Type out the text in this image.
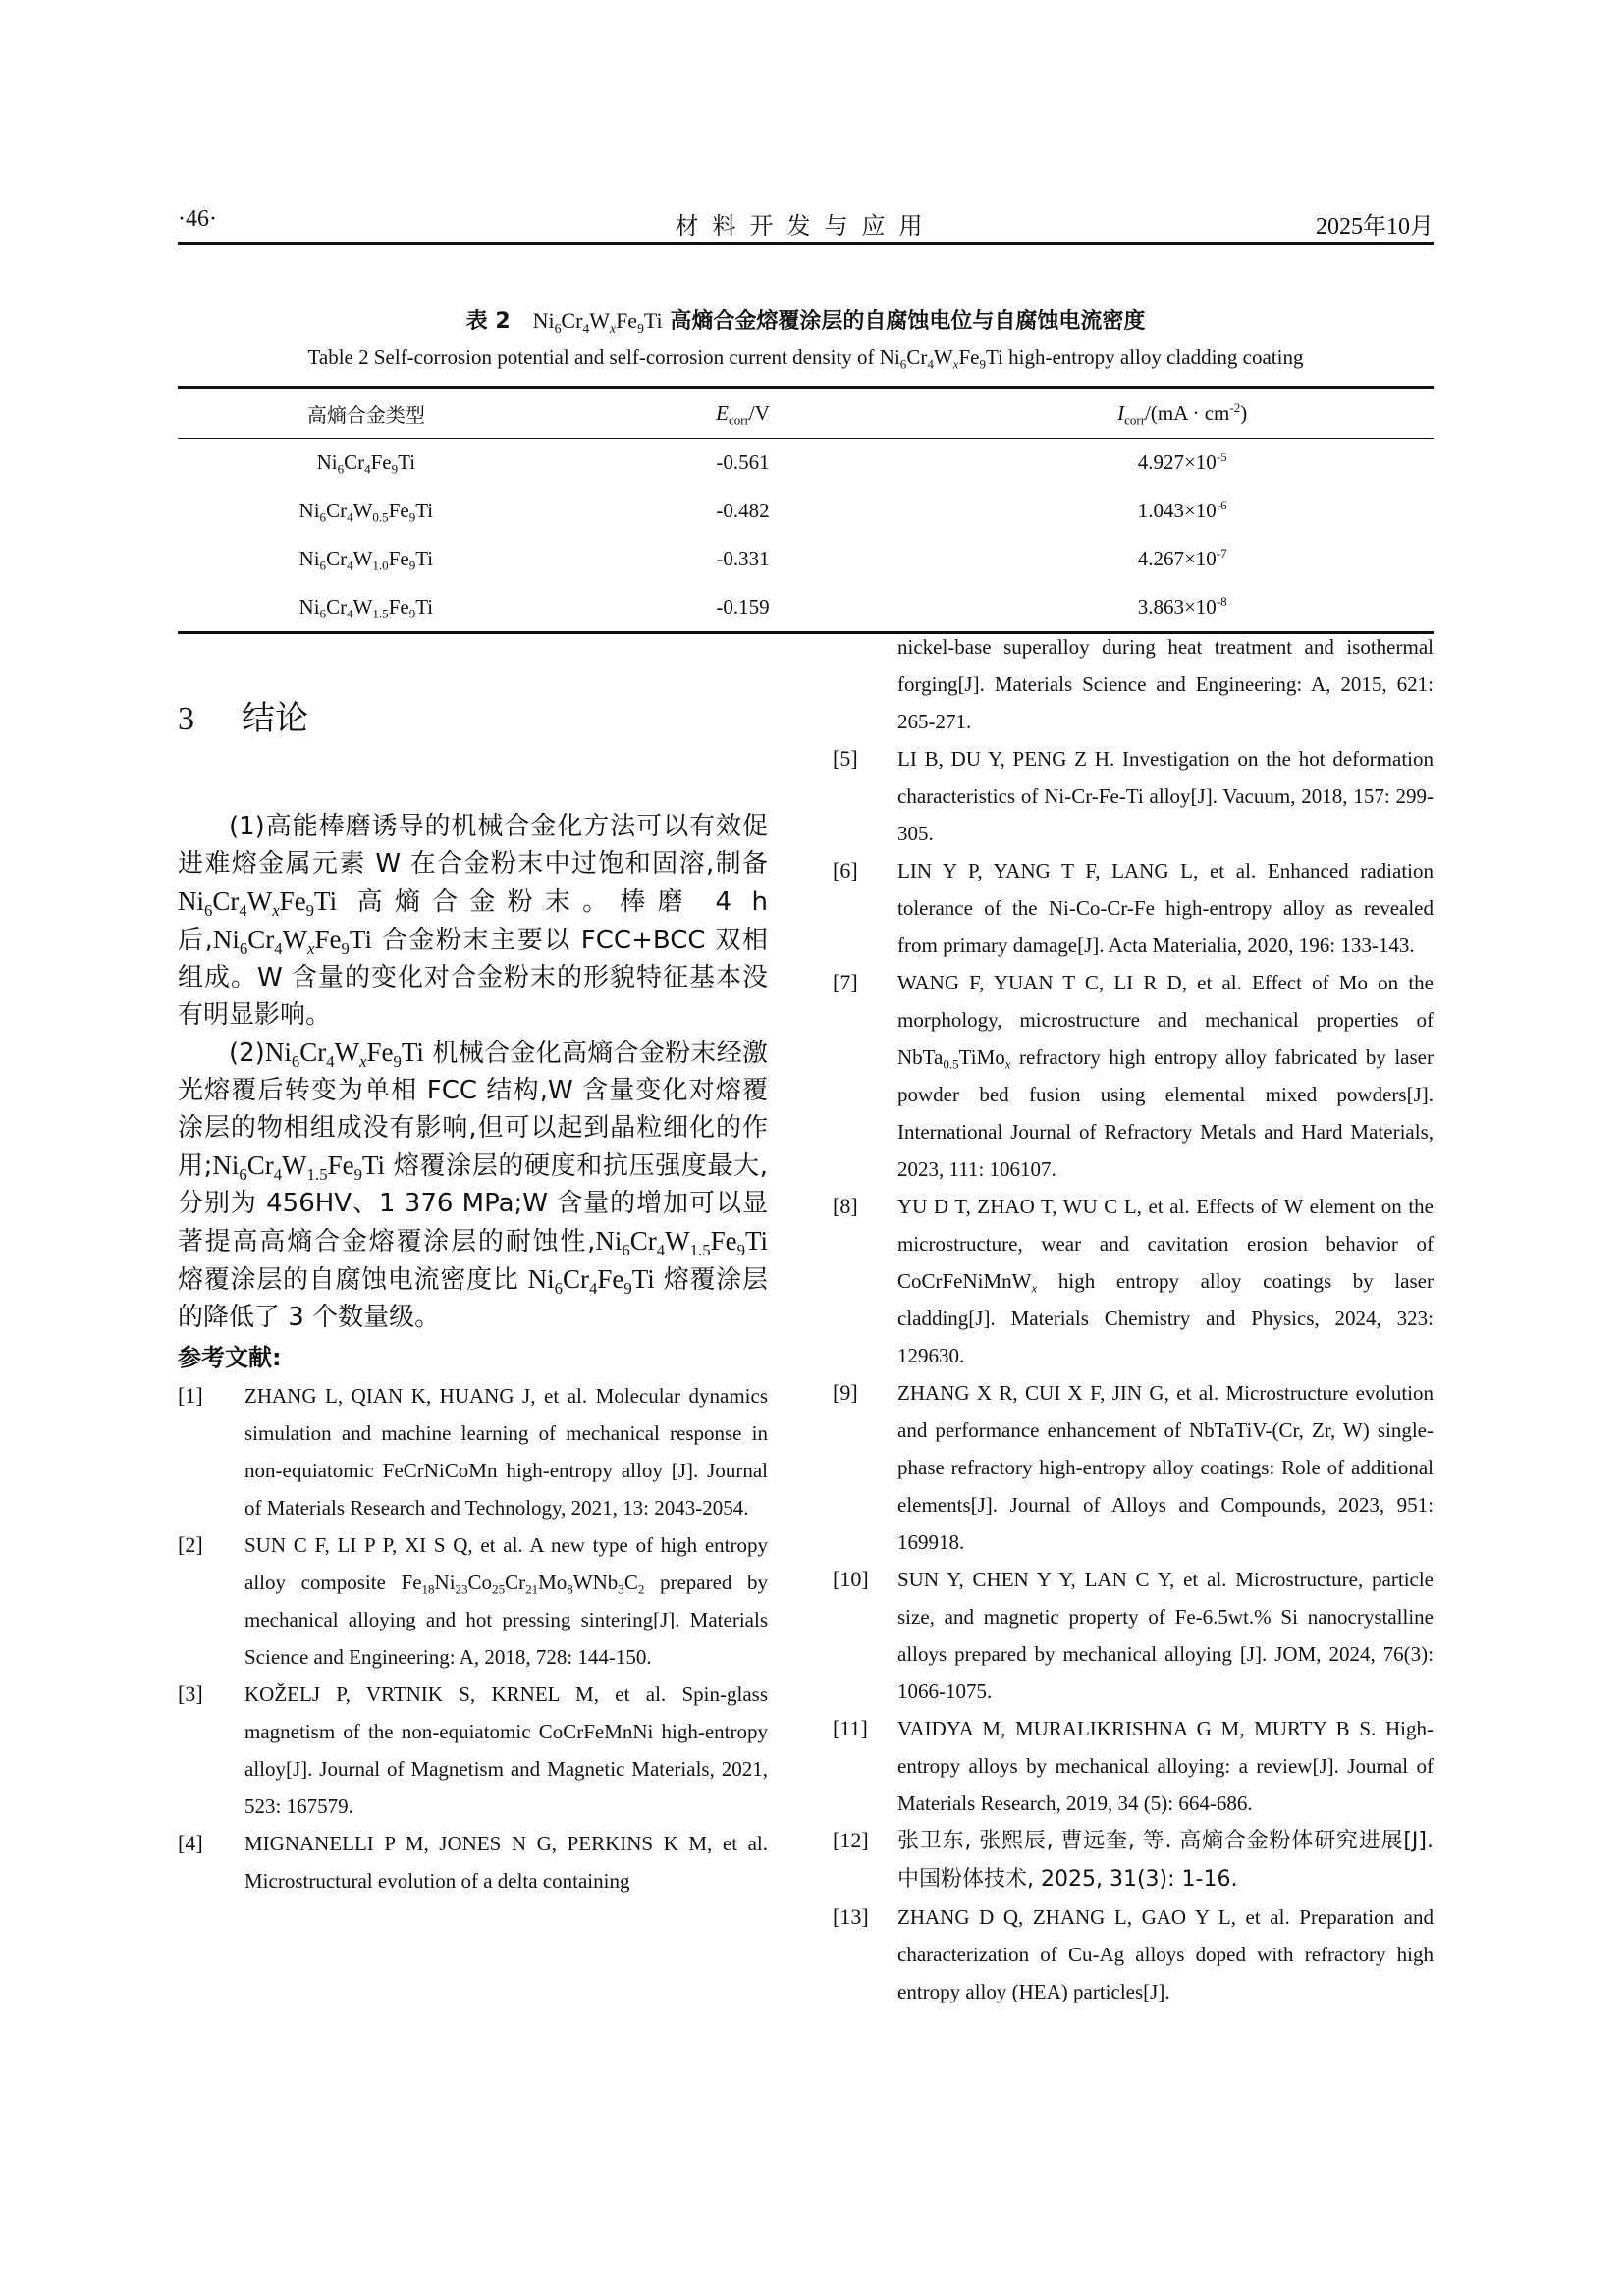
·46·	材料开发与应用	2025年10月
表 2 $Ni_6Cr_4W_xFe_9Ti$ 高熵合金熔覆涂层的自腐蚀电位与自腐蚀电流密度
Table 2 Self-corrosion potential and self-corrosion current density of $Ni_6Cr_4W_xFe_9Ti$ high-entropy alloy cladding coating
高熵合金类型	$E_{corr}/V$	$I_{corr}/(mA \cdot cm^{-2})$
$Ni_6Cr_4Fe_9Ti$	-0.561	$4.927\times 10^{-5}$
$Ni_6Cr_4W_{0.5}Fe_9Ti$	-0.482	$1.043\times 10^{-6}$
$Ni_6Cr_4W_{1.0}Fe_9Ti$	-0.331	$4.267\times 10^{-7}$
$Ni_6Cr_4W_{1.5}Fe_9Ti$	-0.159	$3.863\times 10^{-8}$
3 结论

(1)高能棒磨诱导的机械合金化方法可以有效促进难熔金属元素 W 在合金粉末中过饱和固溶,制备 $Ni_6Cr_4W_xFe_9Ti$ 高熵合金粉末。棒磨 4 h 后$,Ni_6Cr_4W_xFe_9Ti$ 合金粉末主要以 FCC+BCC 双相组成。W 含量的变化对合金粉末的形貌特征基本没有明显影响。

$(2)Ni_6Cr_4W_xFe_9Ti$ 机械合金化高熵合金粉末经激光熔覆后转变为单相 FCC 结构,W 含量变化对熔覆涂层的物相组成没有影响,但可以起到晶粒细化的作用$;Ni_6Cr_4W_{1.5}Fe_9Ti$ 熔覆涂层的硬度和抗压强度最大,分别为 456HV、1 376 MPa;W 含量的增加可以显著提高高熵合金熔覆涂层的耐蚀性$,Ni_6Cr_4W_{1.5}Fe_9Ti$ 熔覆涂层的自腐蚀电流密度比 $Ni_6Cr_4Fe_9Ti$ 熔覆涂层的降低了 3 个数量级。

参考文献:
[1]	ZHANG L, QIAN K, HUANG J, et al. Molecular dynamics simulation and machine learning of mechanical response in non-equiatomic FeCrNiCoMn high-entropy alloy [J]. Journal of Materials Research and Technology, 2021, 13: 2043-2054.
[2]	SUN C F, LI P P, XI S Q, et al. A new type of high entropy alloy composite $Fe_{18}Ni_{23}Co_{25}Cr_{21}Mo_8WNb_3C_2$ prepared by mechanical alloying and hot pressing sintering[J]. Materials Science and Engineering: A, 2018, 728: 144-150.
[3]	KOŽELJ P, VRTNIK S, KRNEL M, et al. Spin-glass magnetism of the non-equiatomic CoCrFeMnNi high-entropy alloy[J]. Journal of Magnetism and Magnetic Materials, 2021, 523: 167579.
[4]	MIGNANELLI P M, JONES N G, PERKINS K M, et al. Microstructural evolution of a delta containing
nickel-base superalloy during heat treatment and isothermal forging[J]. Materials Science and Engineering: A, 2015, 621: 265-271.
[5]	LI B, DU Y, PENG Z H. Investigation on the hot deformation characteristics of Ni-Cr-Fe-Ti alloy[J]. Vacuum, 2018, 157: 299-305.
[6]	LIN Y P, YANG T F, LANG L, et al. Enhanced radiation tolerance of the Ni-Co-Cr-Fe high-entropy alloy as revealed from primary damage[J]. Acta Materialia, 2020, 196: 133-143.
[7]	WANG F, YUAN T C, LI R D, et al. Effect of Mo on the morphology, microstructure and mechanical properties of NbTa$_{0.5}$TiMo$_x$ refractory high entropy alloy fabricated by laser powder bed fusion using elemental mixed powders[J]. International Journal of Refractory Metals and Hard Materials, 2023, 111: 106107.
[8]	YU D T, ZHAO T, WU C L, et al. Effects of W element on the microstructure, wear and cavitation erosion behavior of CoCrFeNiMnW$_x$ high entropy alloy coatings by laser cladding[J]. Materials Chemistry and Physics, 2024, 323: 129630.
[9]	ZHANG X R, CUI X F, JIN G, et al. Microstructure evolution and performance enhancement of NbTaTiV-(Cr, Zr, W) single-phase refractory high-entropy alloy coatings: Role of additional elements[J]. Journal of Alloys and Compounds, 2023, 951: 169918.
[10]	SUN Y, CHEN Y Y, LAN C Y, et al. Microstructure, particle size, and magnetic property of Fe-6.5wt.% Si nanocrystalline alloys prepared by mechanical alloying [J]. JOM, 2024, 76(3): 1066-1075.
[11]	VAIDYA M, MURALIKRISHNA G M, MURTY B S. High-entropy alloys by mechanical alloying: a review[J]. Journal of Materials Research, 2019, 34 (5): 664-686.
[12]	张卫东, 张熙辰, 曹远奎, 等. 高熵合金粉体研究进展[J]. 中国粉体技术, 2025, 31(3): 1-16.
[13]	ZHANG D Q, ZHANG L, GAO Y L, et al. Preparation and characterization of Cu-Ag alloys doped with refractory high entropy alloy (HEA) particles[J].
